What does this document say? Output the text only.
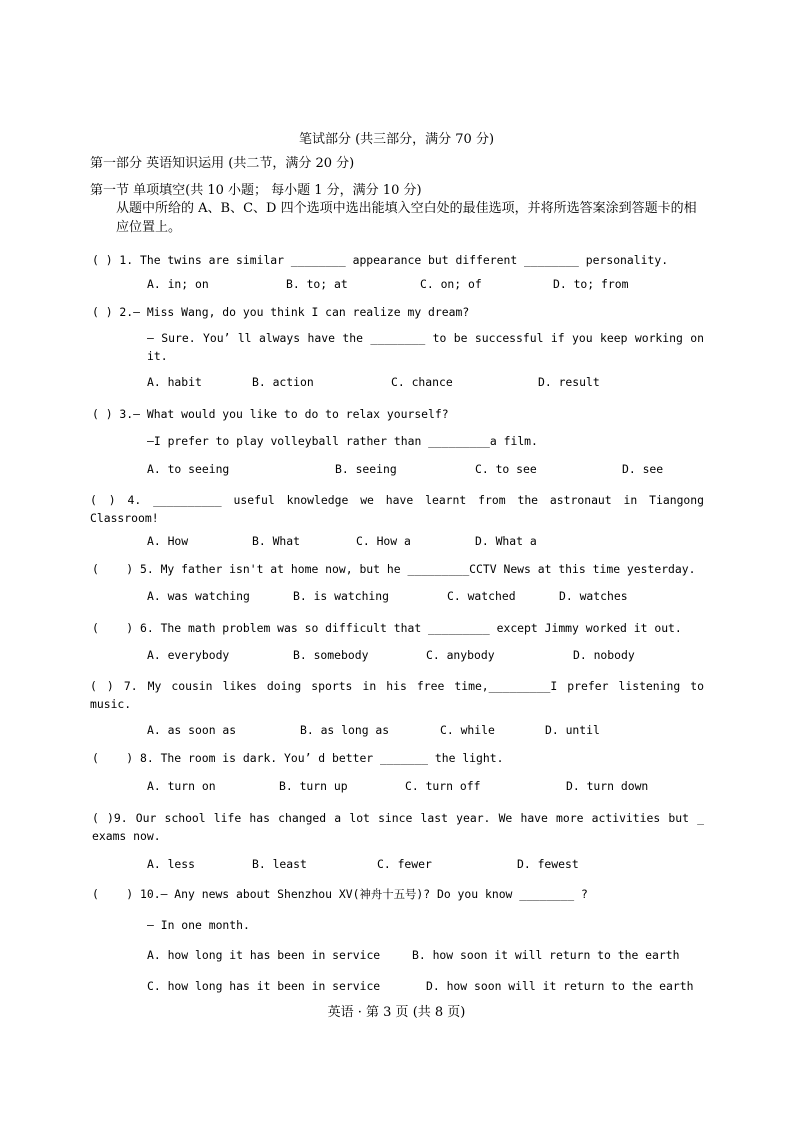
笔试部分 (共三部分，满分 70 分)
第一部分 英语知识运用 (共二节，满分 20 分)
第一节 单项填空(共 10 小题； 每小题 1 分，满分 10 分)
从题中所给的 A、B、C、D 四个选项中选出能填入空白处的最佳选项，并将所选答案涂到答题卡的相应位置上。
( ) 1. The twins are similar ________ appearance but different ________ personality.
A. in; on	B. to; at	C. on; of	D. to; from
( ) 2.— Miss Wang, do you think I can realize my dream?
— Sure. You’ ll always have the ________ to be successful if you keep working on it.
A. habit	B. action	C. chance	D. result
( ) 3.— What would you like to do to relax yourself?
—I prefer to play volleyball rather than _________a film.
A. to seeing	B. seeing	C. to see	D. see
( ) 4. __________ useful knowledge we have learnt from the astronaut in Tiangong Classroom!
A. How	B. What	C. How a	D. What a
(    ) 5. My father isn't at home now, but he _________CCTV News at this time yesterday.
A. was watching	B. is watching	C. watched	D. watches
(    ) 6. The math problem was so difficult that _________ except Jimmy worked it out.
A. everybody	B. somebody	C. anybody	D. nobody
( ) 7. My cousin likes doing sports in his free time,_________I prefer listening to music.
A. as soon as	B. as long as	C. while	D. until
(    ) 8. The room is dark. You’ d better _______ the light.
A. turn on	B. turn up	C. turn off	D. turn down
( )9. Our school life has changed a lot since last year. We have more activities but _ exams now.
A. less	B. least	C. fewer	D. fewest
(    ) 10.— Any news about Shenzhou XV(神舟十五号)? Do you know ________ ?
— In one month.
A. how long it has been in service	B. how soon it will return to the earth
C. how long has it been in service	D. how soon will it return to the earth
英语 · 第 3 页 (共 8 页)
